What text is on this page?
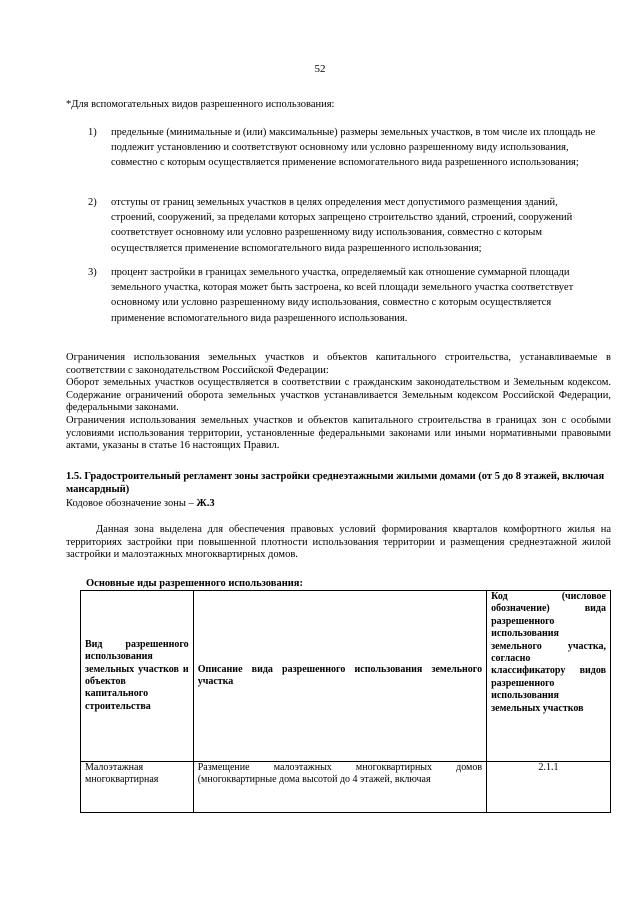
52
*Для вспомогательных видов разрешенного использования:
1) предельные (минимальные и (или) максимальные) размеры земельных участков, в том числе их площадь не подлежит установлению и соответствуют основному или условно разрешенному виду использования, совместно с которым осуществляется применение вспомогательного вида разрешенного использования;
2) отступы от границ земельных участков в целях определения мест допустимого размещения зданий, строений, сооружений, за пределами которых запрещено строительство зданий, строений, сооружений соответствует основному или условно разрешенному виду использования, совместно с которым осуществляется применение вспомогательного вида разрешенного использования;
3) процент застройки в границах земельного участка, определяемый как отношение суммарной площади земельного участка, которая может быть застроена, ко всей площади земельного участка соответствует основному или условно разрешенному виду использования, совместно с которым осуществляется применение вспомогательного вида разрешенного использования.
Ограничения использования земельных участков и объектов капитального строительства, устанавливаемые в соответствии с законодательством Российской Федерации:
Оборот земельных участков осуществляется в соответствии с гражданским законодательством и Земельным кодексом. Содержание ограничений оборота земельных участков устанавливается Земельным кодексом Российской Федерации, федеральными законами.
Ограничения использования земельных участков и объектов капитального строительства в границах зон с особыми условиями использования территории, установленные федеральными законами или иными нормативными правовыми актами, указаны в статье 16 настоящих Правил.
1.5. Градостроительный регламент зоны застройки среднеэтажными жилыми домами (от 5 до 8 этажей, включая мансардный)
Кодовое обозначение зоны – Ж.3
Данная зона выделена для обеспечения правовых условий формирования кварталов комфортного жилья на территориях застройки при повышенной плотности использования территории и размещения среднеэтажной жилой застройки и малоэтажных многоквартирных домов.
Основные иды разрешенного использования:
Вид разрешенного использования земельных участков и объектов капитального строительства	Описание вида разрешенного использования земельного участка	Код (числовое обозначение) вида разрешенного использования земельного участка, согласно классификатору видов разрешенного использования земельных участков
Малоэтажная многоквартирная	Размещение малоэтажных многоквартирных домов (многоквартирные дома высотой до 4 этажей, включая	2.1.1
